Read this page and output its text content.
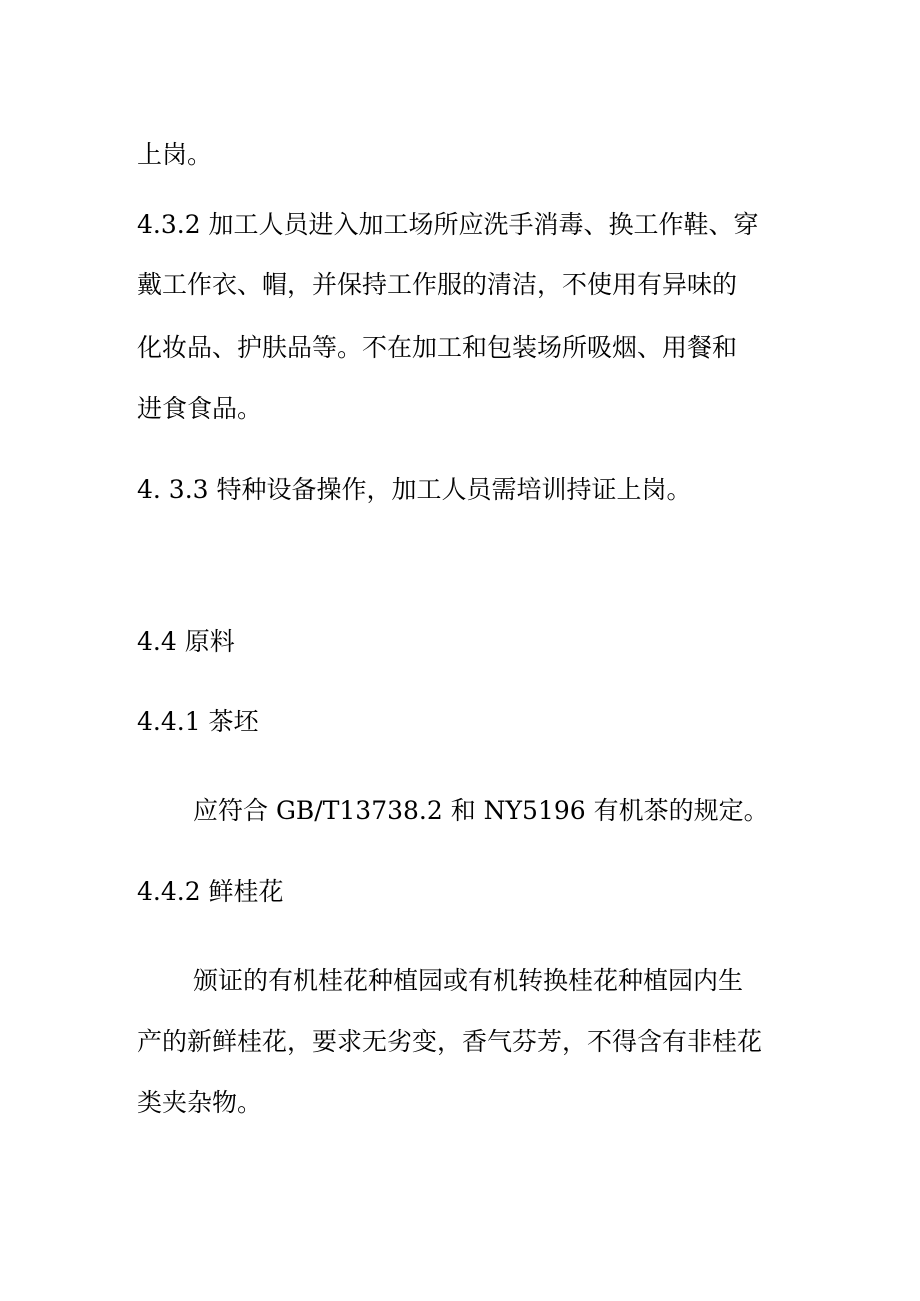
上岗。
4.3.2 加工人员进入加工场所应洗手消毒、换工作鞋、穿
戴工作衣、帽，并保持工作服的清洁，不使用有异味的
化妆品、护肤品等。不在加工和包装场所吸烟、用餐和
进食食品。
4. 3.3 特种设备操作，加工人员需培训持证上岗。
4.4 原料
4.4.1 茶坯
应符合 GB/T13738.2 和 NY5196 有机茶的规定。
4.4.2 鲜桂花
颁证的有机桂花种植园或有机转换桂花种植园内生
产的新鲜桂花，要求无劣变，香气芬芳，不得含有非桂花
类夹杂物。
